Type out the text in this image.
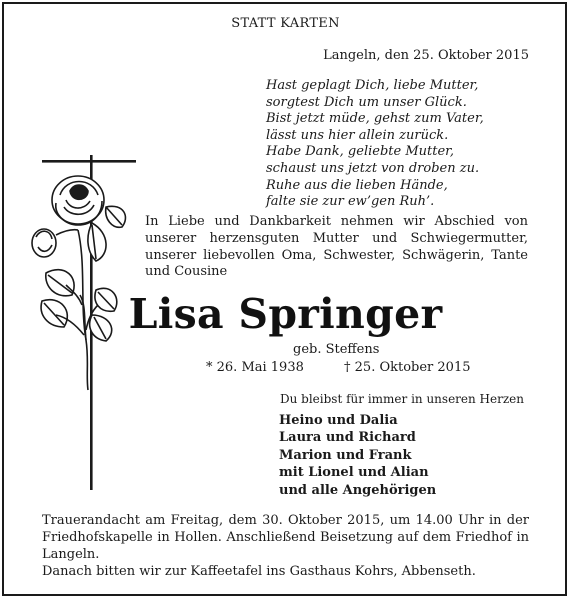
STATT KARTEN
Langeln, den 25. Oktober 2015
Hast geplagt Dich, liebe Mutter,
sorgtest Dich um unser Glück.
Bist jetzt müde, gehst zum Vater,
lässt uns hier allein zurück.
Habe Dank, geliebte Mutter,
schaust uns jetzt von droben zu.
Ruhe aus die lieben Hände,
falte sie zur ew’gen Ruh’.
In Liebe und Dankbarkeit nehmen wir Abschied von unserer herzensguten Mutter und Schwiegermutter, unserer liebevollen Oma, Schwester, Schwägerin, Tante und Cousine
Lisa Springer
geb. Steffens
* 26. Mai 1938	† 25. Oktober 2015
Du bleibst für immer in unseren Herzen
Heino und Dalia
Laura und Richard
Marion und Frank
mit Lionel und Alian
und alle Angehörigen
Trauerandacht am Freitag, dem 30. Oktober 2015, um 14.00 Uhr in der Friedhofskapelle in Hollen. Anschließend Beisetzung auf dem Friedhof in Langeln.
Danach bitten wir zur Kaffeetafel ins Gasthaus Kohrs, Abbenseth.
